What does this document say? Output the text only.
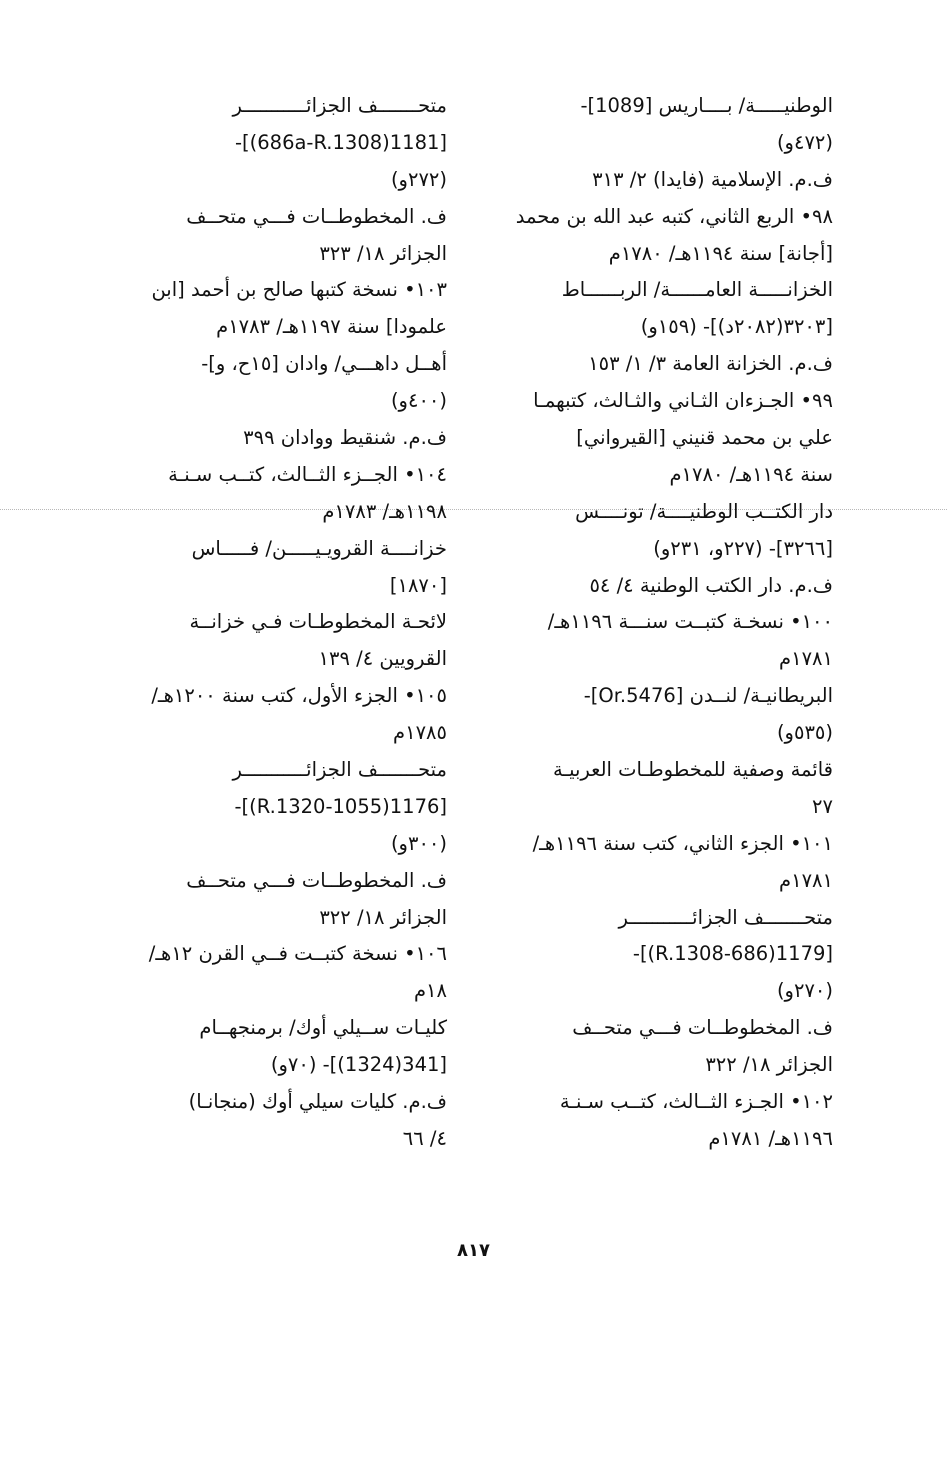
الوطنيـــــة/ بــــاريس [1089]-
(٤٧٢و)
ف.م. الإسلامية (فايدا) ٢/ ٣١٣
٩٨• الربع الثاني، كتبه عبد الله بن محمد
[أجانة] سنة ١١٩٤هـ/ ١٧٨٠م
الخزانـــــة العامــــــة/ الربــــــاط
[٣٢٠٣(٢٠٨٢د)]- (١٥٩و)
ف.م. الخزانة العامة ٣/ ١/ ١٥٣
٩٩• الجـزءان الثـاني والثـالث، كتبهمـا
علي بن محمد قنيني [القيرواني]
سنة ١١٩٤هـ/ ١٧٨٠م
دار الكتــب الوطنيــــة/ تونــــس
[٣٢٦٦]- (٢٢٧و، ٢٣١و)
ف.م. دار الكتب الوطنية ٤/ ٥٤
١٠٠• نسخـة كتبــت سنـــة ١١٩٦هـ/
١٧٨١م
البريطانيـة/ لنــدن [Or.5476]-
(٥٣٥و)
قائمة وصفية للمخطوطـات العربيـة
٢٧
١٠١• الجزء الثاني، كتب سنة ١١٩٦هـ/
١٧٨١م
متحـــــــف الجزائـــــــــــر
[1179(686-R.1308)]-
(٢٧٠و)
ف. المخطوطــات فـــي متحــف
الجزائر ١٨/ ٣٢٢
١٠٢• الجـزء الثــالث، كتــب سـنـة
١١٩٦هـ/ ١٧٨١م
متحـــــــف الجزائـــــــــــر
[1181(686a-R.1308)]-
(٢٧٢و)
ف. المخطوطــات فـــي متحــف
الجزائر ١٨/ ٣٢٣
١٠٣• نسخة كتبها صالح بن أحمد [ابن
علمودا] سنة ١١٩٧هـ/ ١٧٨٣م
أهــل داهـــي/ وادان [١٥ح، و]-
(٤٠٠و)
ف.م. شنقيط ووادان ٣٩٩
١٠٤• الجــزء الثــالث، كتــب سـنـة
١١٩٨هـ/ ١٧٨٣م
خزانــــة القرويـيـــــن/ فـــــاس
[١٨٧٠]
لائحـة المخطوطـات فـي خزانــة
القرويين ٤/ ١٣٩
١٠٥• الجزء الأول، كتب سنة ١٢٠٠هـ/
١٧٨٥م
متحـــــــف الجزائـــــــــــر
[1176(1055-R.1320)]-
(٣٠٠و)
ف. المخطوطــات فـــي متحــف
الجزائر ١٨/ ٣٢٢
١٠٦• نسخة كتبــت فــي القرن ١٢هـ/
١٨م
كليـات ســيلي أوك/ برمنجهــام
[341(1324)]- (٧٠و)
ف.م. كليات سيلي أوك (منجانـا)
٤/ ٦٦
٨١٧
